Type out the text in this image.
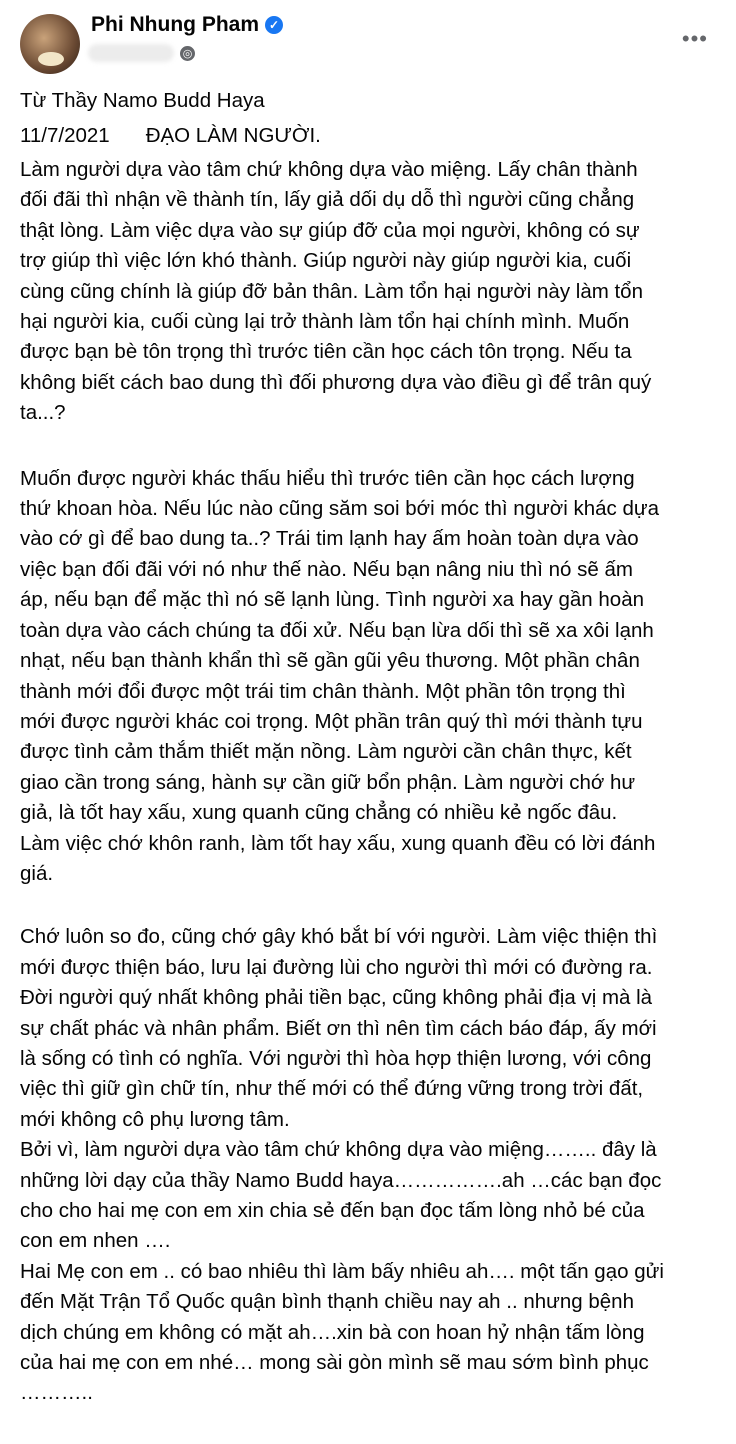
Phi Nhung Pham ✓
◎
•••
Từ Thầy Namo Budd Haya
11/7/2021 ĐẠO LÀM NGƯỜI.
Làm người dựa vào tâm chứ không dựa vào miệng. Lấy chân thành
đối đãi thì nhận về thành tín, lấy giả dối dụ dỗ thì người cũng chẳng
thật lòng. Làm việc dựa vào sự giúp đỡ của mọi người, không có sự
trợ giúp thì việc lớn khó thành. Giúp người này giúp người kia, cuối
cùng cũng chính là giúp đỡ bản thân. Làm tổn hại người này làm tổn
hại người kia, cuối cùng lại trở thành làm tổn hại chính mình. Muốn
được bạn bè tôn trọng thì trước tiên cần học cách tôn trọng. Nếu ta
không biết cách bao dung thì đối phương dựa vào điều gì để trân quý
ta...?
Muốn được người khác thấu hiểu thì trước tiên cần học cách lượng
thứ khoan hòa. Nếu lúc nào cũng săm soi bới móc thì người khác dựa
vào cớ gì để bao dung ta..? Trái tim lạnh hay ấm hoàn toàn dựa vào
việc bạn đối đãi với nó như thế nào. Nếu bạn nâng niu thì nó sẽ ấm
áp, nếu bạn để mặc thì nó sẽ lạnh lùng. Tình người xa hay gần hoàn
toàn dựa vào cách chúng ta đối xử. Nếu bạn lừa dối thì sẽ xa xôi lạnh
nhạt, nếu bạn thành khẩn thì sẽ gần gũi yêu thương. Một phần chân
thành mới đổi được một trái tim chân thành. Một phần tôn trọng thì
mới được người khác coi trọng. Một phần trân quý thì mới thành tựu
được tình cảm thắm thiết mặn nồng. Làm người cần chân thực, kết
giao cần trong sáng, hành sự cần giữ bổn phận. Làm người chớ hư
giả, là tốt hay xấu, xung quanh cũng chẳng có nhiều kẻ ngốc đâu.
Làm việc chớ khôn ranh, làm tốt hay xấu, xung quanh đều có lời đánh
giá.
Chớ luôn so đo, cũng chớ gây khó bắt bí với người. Làm việc thiện thì
mới được thiện báo, lưu lại đường lùi cho người thì mới có đường ra.
Đời người quý nhất không phải tiền bạc, cũng không phải địa vị mà là
sự chất phác và nhân phẩm. Biết ơn thì nên tìm cách báo đáp, ấy mới
là sống có tình có nghĩa. Với người thì hòa hợp thiện lương, với công
việc thì giữ gìn chữ tín, như thế mới có thể đứng vững trong trời đất,
mới không cô phụ lương tâm.
Bởi vì, làm người dựa vào tâm chứ không dựa vào miệng…….. đây là
những lời dạy của thầy Namo Budd haya…………….ah …các bạn đọc
cho cho hai mẹ con em xin chia sẻ đến bạn đọc tấm lòng nhỏ bé của
con em nhen ….
Hai Mẹ con em .. có bao nhiêu thì làm bấy nhiêu ah…. một tấn gạo gửi
đến Mặt Trận Tổ Quốc quận bình thạnh chiều nay ah .. nhưng bệnh
dịch chúng em không có mặt ah….xin bà con hoan hỷ nhận tấm lòng
của hai mẹ con em nhé… mong sài gòn mình sẽ mau sớm bình phục
………..
